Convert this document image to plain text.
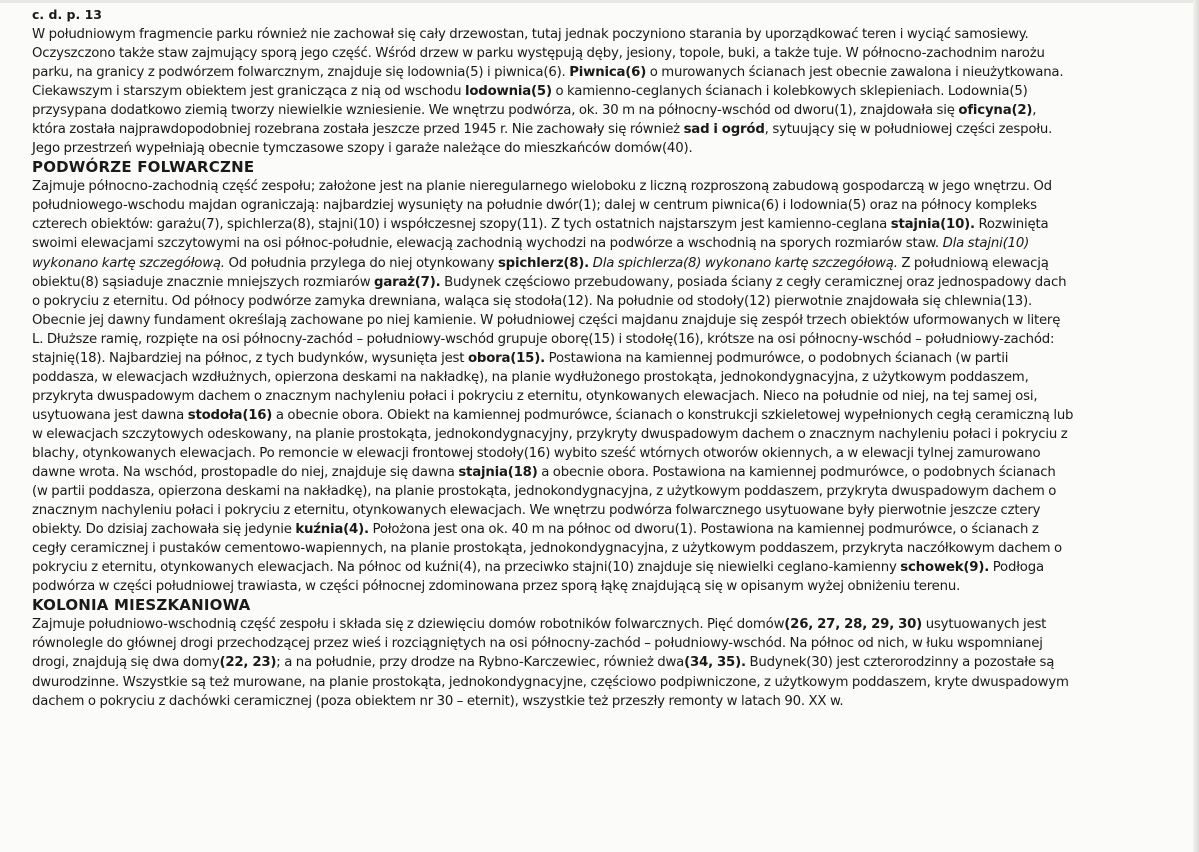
c. d. p. 13
W południowym fragmencie parku również nie zachował się cały drzewostan, tutaj jednak poczyniono starania by uporządkować teren i wyciąć samosiewy.
Oczyszczono także staw zajmujący sporą jego część. Wśród drzew w parku występują dęby, jesiony, topole, buki, a także tuje. W północno-zachodnim narożu
parku, na granicy z podwórzem folwarcznym, znajduje się lodownia(5) i piwnica(6). Piwnica(6) o murowanych ścianach jest obecnie zawalona i nieużytkowana.
Ciekawszym i starszym obiektem jest granicząca z nią od wschodu lodownia(5) o kamienno-ceglanych ścianach i kolebkowych sklepieniach. Lodownia(5)
przysypana dodatkowo ziemią tworzy niewielkie wzniesienie. We wnętrzu podwórza, ok. 30 m na północny-wschód od dworu(1), znajdowała się oficyna(2),
która została najprawdopodobniej rozebrana została jeszcze przed 1945 r. Nie zachowały się również sad i ogród, sytuujący się w południowej części zespołu.
Jego przestrzeń wypełniają obecnie tymczasowe szopy i garaże należące do mieszkańców domów(40).
PODWÓRZE FOLWARCZNE
Zajmuje północno-zachodnią część zespołu; założone jest na planie nieregularnego wieloboku z liczną rozproszoną zabudową gospodarczą w jego wnętrzu. Od
południowego-wschodu majdan ograniczają: najbardziej wysunięty na południe dwór(1); dalej w centrum piwnica(6) i lodownia(5) oraz na północy kompleks
czterech obiektów: garażu(7), spichlerza(8), stajni(10) i współczesnej szopy(11). Z tych ostatnich najstarszym jest kamienno-ceglana stajnia(10). Rozwinięta
swoimi elewacjami szczytowymi na osi północ-południe, elewacją zachodnią wychodzi na podwórze a wschodnią na sporych rozmiarów staw. Dla stajni(10)
wykonano kartę szczegółową. Od południa przylega do niej otynkowany spichlerz(8). Dla spichlerza(8) wykonano kartę szczegółową. Z południową elewacją
obiektu(8) sąsiaduje znacznie mniejszych rozmiarów garaż(7). Budynek częściowo przebudowany, posiada ściany z cegły ceramicznej oraz jednospadowy dach
o pokryciu z eternitu. Od północy podwórze zamyka drewniana, waląca się stodoła(12). Na południe od stodoły(12) pierwotnie znajdowała się chlewnia(13).
Obecnie jej dawny fundament określają zachowane po niej kamienie. W południowej części majdanu znajduje się zespół trzech obiektów uformowanych w literę
L. Dłuższe ramię, rozpięte na osi północny-zachód – południowy-wschód grupuje oborę(15) i stodołę(16), krótsze na osi północny-wschód – południowy-zachód:
stajnię(18). Najbardziej na północ, z tych budynków, wysunięta jest obora(15). Postawiona na kamiennej podmurówce, o podobnych ścianach (w partii
poddasza, w elewacjach wzdłużnych, opierzona deskami na nakładkę), na planie wydłużonego prostokąta, jednokondygnacyjna, z użytkowym poddaszem,
przykryta dwuspadowym dachem o znacznym nachyleniu połaci i pokryciu z eternitu, otynkowanych elewacjach. Nieco na południe od niej, na tej samej osi,
usytuowana jest dawna stodoła(16) a obecnie obora. Obiekt na kamiennej podmurówce, ścianach o konstrukcji szkieletowej wypełnionych cegłą ceramiczną lub
w elewacjach szczytowych odeskowany, na planie prostokąta, jednokondygnacyjny, przykryty dwuspadowym dachem o znacznym nachyleniu połaci i pokryciu z
blachy, otynkowanych elewacjach. Po remoncie w elewacji frontowej stodoły(16) wybito sześć wtórnych otworów okiennych, a w elewacji tylnej zamurowano
dawne wrota. Na wschód, prostopadle do niej, znajduje się dawna stajnia(18) a obecnie obora. Postawiona na kamiennej podmurówce, o podobnych ścianach
(w partii poddasza, opierzona deskami na nakładkę), na planie prostokąta, jednokondygnacyjna, z użytkowym poddaszem, przykryta dwuspadowym dachem o
znacznym nachyleniu połaci i pokryciu z eternitu, otynkowanych elewacjach. We wnętrzu podwórza folwarcznego usytuowane były pierwotnie jeszcze cztery
obiekty. Do dzisiaj zachowała się jedynie kuźnia(4). Położona jest ona ok. 40 m na północ od dworu(1). Postawiona na kamiennej podmurówce, o ścianach z
cegły ceramicznej i pustaków cementowo-wapiennych, na planie prostokąta, jednokondygnacyjna, z użytkowym poddaszem, przykryta naczółkowym dachem o
pokryciu z eternitu, otynkowanych elewacjach. Na północ od kuźni(4), na przeciwko stajni(10) znajduje się niewielki ceglano-kamienny schowek(9). Podłoga
podwórza w części południowej trawiasta, w części północnej zdominowana przez sporą łąkę znajdującą się w opisanym wyżej obniżeniu terenu.
KOLONIA MIESZKANIOWA
Zajmuje południowo-wschodnią część zespołu i składa się z dziewięciu domów robotników folwarcznych. Pięć domów(26, 27, 28, 29, 30) usytuowanych jest
równolegle do głównej drogi przechodzącej przez wieś i rozciągniętych na osi północny-zachód – południowy-wschód. Na północ od nich, w łuku wspomnianej
drogi, znajdują się dwa domy(22, 23); a na południe, przy drodze na Rybno-Karczewiec, również dwa(34, 35). Budynek(30) jest czterorodzinny a pozostałe są
dwurodzinne. Wszystkie są też murowane, na planie prostokąta, jednokondygnacyjne, częściowo podpiwniczone, z użytkowym poddaszem, kryte dwuspadowym
dachem o pokryciu z dachówki ceramicznej (poza obiektem nr 30 – eternit), wszystkie też przeszły remonty w latach 90. XX w.
